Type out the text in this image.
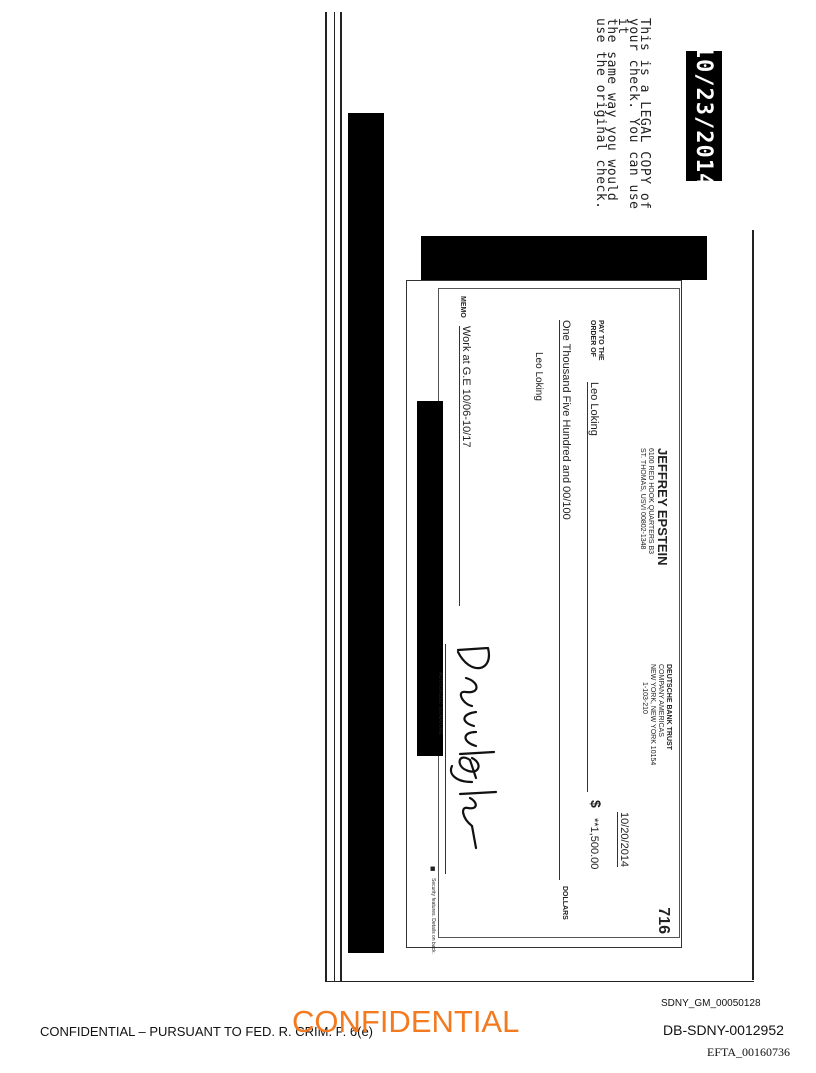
This is a LEGAL COPY of
your check. You can use it
the same way you would
use the original check.	10/23/2014
716
JEFFREY EPSTEIN
6100 RED HOOK QUARTERS B3
ST. THOMAS, USVI 00802-1348
DEUTSCHE BANK TRUST
COMPANY AMERICAS
NEW YORK, NEW YORK 10154
1-103-210
10/20/2014
PAY TO THE
ORDER OF
Leo Loking
$
**1,500.00
One Thousand Five Hundred and 00/100
DOLLARS
Leo Loking
MEMO
Work at G.E 10/06-10/17
AUTHORIZED SIGNATURE
■
Security features. Details on back.
CONFIDENTIAL – PURSUANT TO FED. R. CRIM. P. 6(e)
CONFIDENTIAL
SDNY_GM_00050128
DB-SDNY-0012952
EFTA_00160736
